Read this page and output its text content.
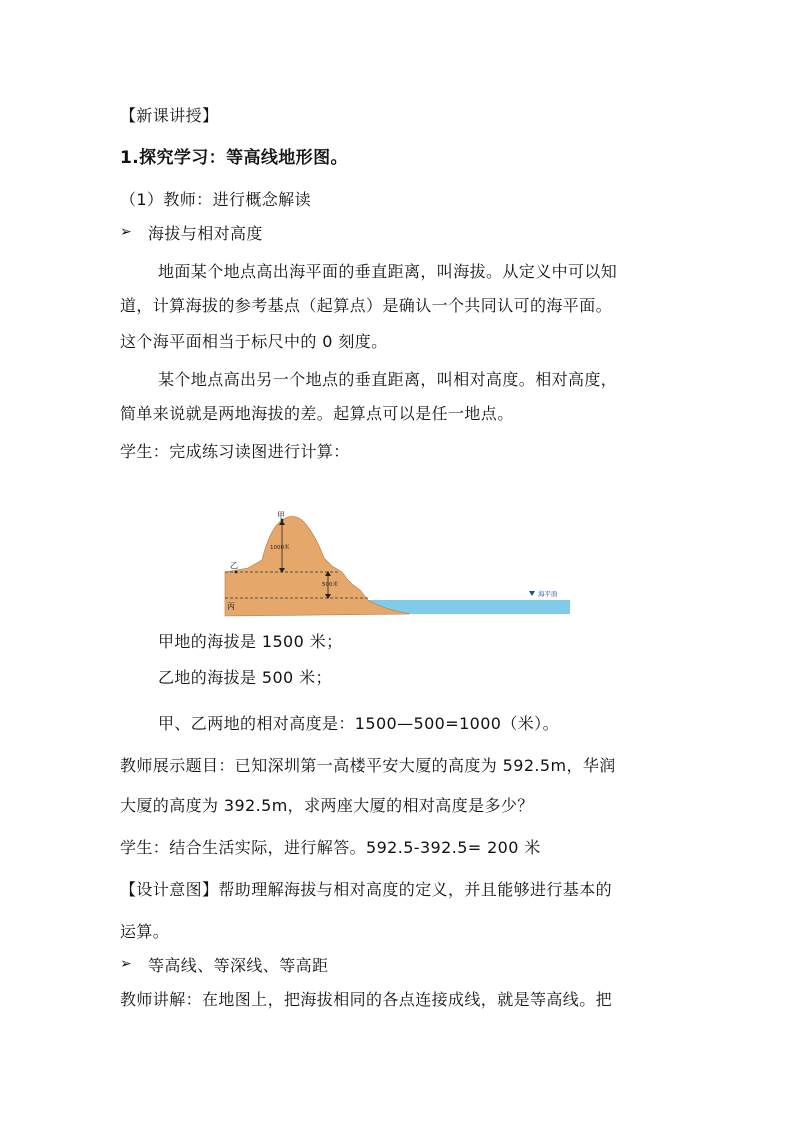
【新课讲授】
1.探究学习：等高线地形图。
（1）教师：进行概念解读
➢ 海拔与相对高度
地面某个地点高出海平面的垂直距离，叫海拔。从定义中可以知
道，计算海拔的参考基点（起算点）是确认一个共同认可的海平面。
这个海平面相当于标尺中的 0 刻度。
某个地点高出另一个地点的垂直距离，叫相对高度。相对高度，
简单来说就是两地海拔的差。起算点可以是任一地点。
学生：完成练习读图进行计算：
甲
乙
丙
1000米
500米
海平面
甲地的海拔是 1500 米；
乙地的海拔是 500 米；
甲、乙两地的相对高度是：1500—500=1000（米）。
教师展示题目：已知深圳第一高楼平安大厦的高度为 592.5m，华润
大厦的高度为 392.5m，求两座大厦的相对高度是多少？
学生：结合生活实际，进行解答。592.5-392.5= 200 米
【设计意图】帮助理解海拔与相对高度的定义，并且能够进行基本的
运算。
➢ 等高线、等深线、等高距
教师讲解：在地图上，把海拔相同的各点连接成线，就是等高线。把
